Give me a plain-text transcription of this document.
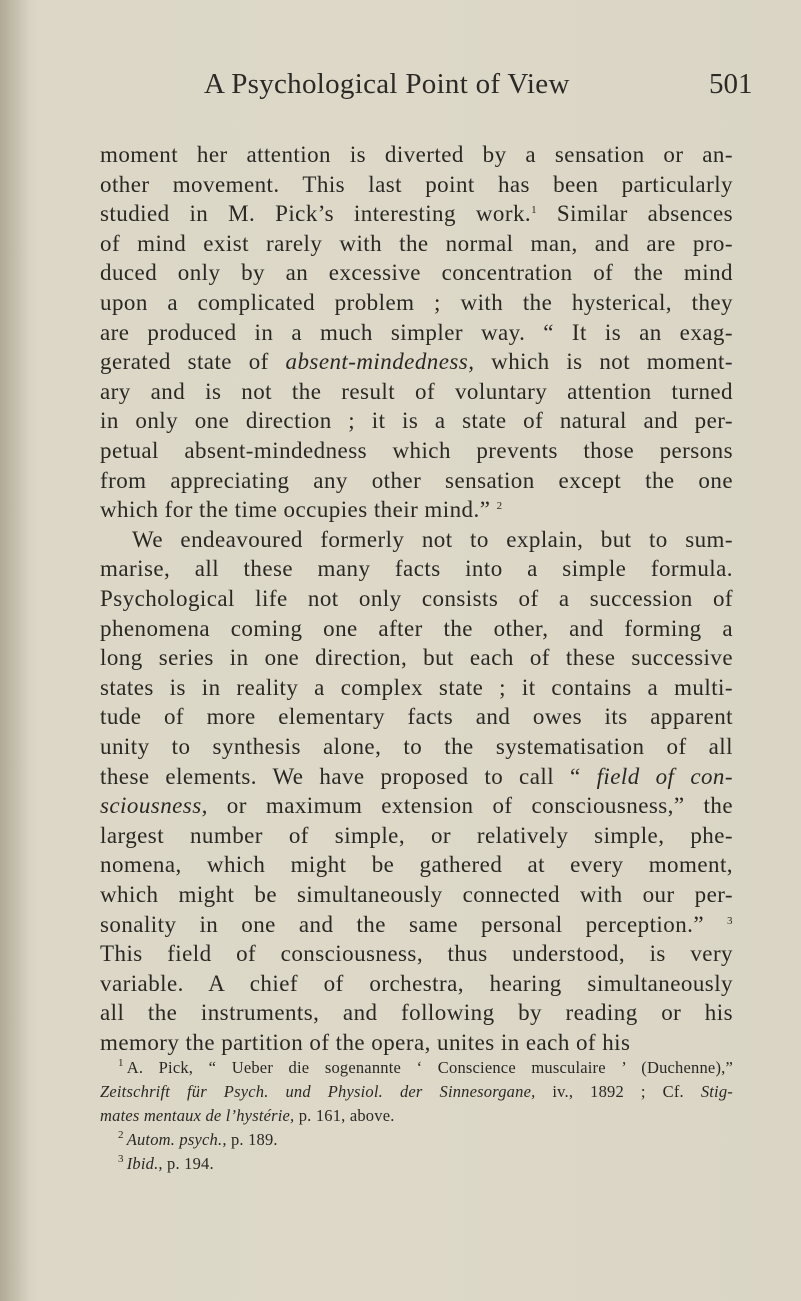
A Psychological Point of View	501
moment her attention is diverted by a sensation or an-
other movement. This last point has been particularly
studied in M. Pick’s interesting work.$^1$ Similar absences
of mind exist rarely with the normal man, and are pro-
duced only by an excessive concentration of the mind
upon a complicated problem ; with the hysterical, they
are produced in a much simpler way. “ It is an exag-
gerated state of absent-mindedness, which is not moment-
ary and is not the result of voluntary attention turned
in only one direction ; it is a state of natural and per-
petual absent-mindedness which prevents those persons
from appreciating any other sensation except the one
which for the time occupies their mind.” $^2$
We endeavoured formerly not to explain, but to sum-
marise, all these many facts into a simple formula.
Psychological life not only consists of a succession of
phenomena coming one after the other, and forming a
long series in one direction, but each of these successive
states is in reality a complex state ; it contains a multi-
tude of more elementary facts and owes its apparent
unity to synthesis alone, to the systematisation of all
these elements. We have proposed to call “ field of con-
sciousness, or maximum extension of consciousness,” the
largest number of simple, or relatively simple, phe-
nomena, which might be gathered at every moment,
which might be simultaneously connected with our per-
sonality in one and the same personal perception.” $^3$
This field of consciousness, thus understood, is very
variable. A chief of orchestra, hearing simultaneously
all the instruments, and following by reading or his
memory the partition of the opera, unites in each of his
$^1$ A. Pick, “ Ueber die sogenannte ‘ Conscience musculaire ’ (Duchenne),”
Zeitschrift für Psych. und Physiol. der Sinnesorgane, iv., 1892 ; Cf. Stig-
mates mentaux de l’hystérie, p. 161, above.
$^2$ Autom. psych., p. 189.
$^3$ Ibid., p. 194.
